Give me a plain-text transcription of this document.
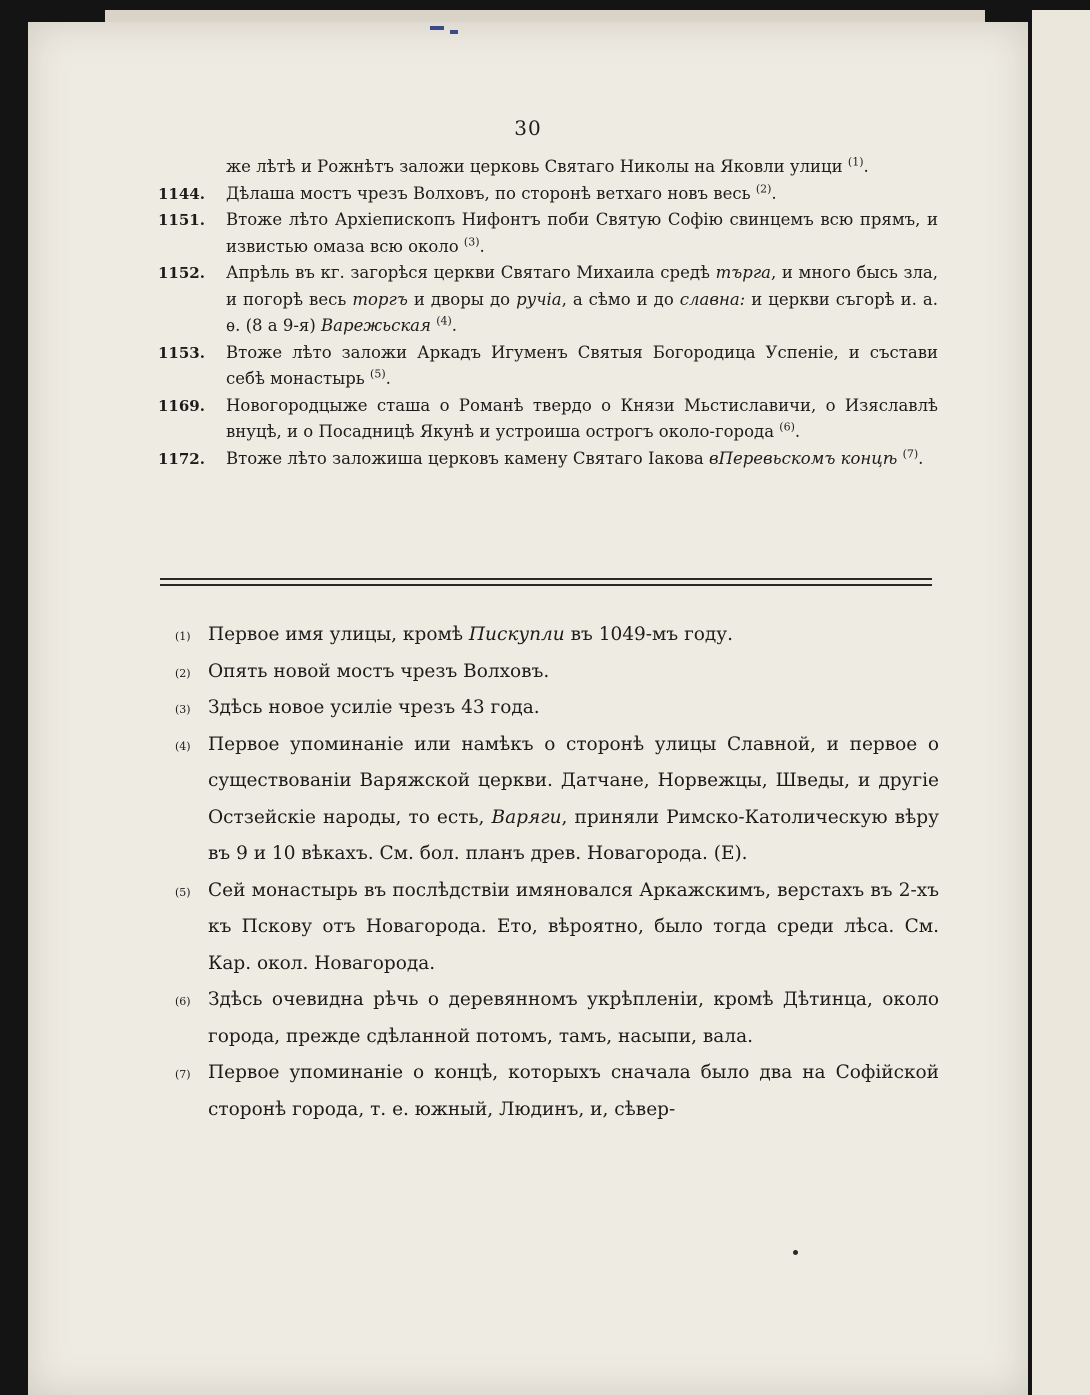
30
же лѣтѣ и Рожнѣтъ заложи церковь Святаго Николы на Яковли улици $^{(1)}$.
1144.	Дѣлаша мостъ чрезъ Волховъ, по сторонѣ ветхаго новъ весь $^{(2)}$.
1151.	Втоже лѣто Архіепископъ Нифонтъ поби Святую Софію свинцемъ всю прямъ, и извистью омаза всю около $^{(3)}$.
1152.	Апрѣль въ кг. загорѣся церкви Святаго Михаила средѣ търга, и много бысь зла, и погорѣ весь торгъ и дворы до ручіа, а сѣмо и до славна: и церкви съгорѣ и. а. ѳ. (8 а 9-я) Варежьская $^{(4)}$.
1153.	Втоже лѣто заложи Аркадъ Игуменъ Святыя Богородица Успеніе, и състави себѣ монастырь $^{(5)}$.
1169.	Новогородцыже сташа о Романѣ твердо о Князи Мьстиславичи, о Изяславлѣ внуцѣ, и о Посадницѣ Якунѣ и устроиша острогъ около-города $^{(6)}$.
1172.	Втоже лѣто заложиша церковъ камену Святаго Іакова вПеревьскомъ концѣ $^{(7)}$.
(1) Первое имя улицы, кромѣ Пискупли въ 1049-мъ году.
(2) Опять новой мостъ чрезъ Волховъ.
(3) Здѣсь новое усиліе чрезъ 43 года.
(4) Первое упоминаніе или намѣкъ о сторонѣ улицы Славной, и первое о существованіи Варяжской церкви. Датчане, Норвежцы, Шведы, и другіе Остзейскіе народы, то есть, Варяги, приняли Римско-Католическую вѣру въ 9 и 10 вѣкахъ. См. бол. планъ древ. Новагорода. (Е).
(5) Сей монастырь въ послѣдствіи имяновался Аркажскимъ, верстахъ въ 2-хъ къ Пскову отъ Новагорода. Ето, вѣроятно, было тогда среди лѣса. См. Кар. окол. Новагорода.
(6) Здѣсь очевидна рѣчь о деревянномъ укрѣпленіи, кромѣ Дѣтинца, около города, прежде сдѣланной потомъ, тамъ, насыпи, вала.
(7) Первое упоминаніе о концѣ, которыхъ сначала было два на Софійской сторонѣ города, т. е. южный, Людинъ, и, сѣвер-
